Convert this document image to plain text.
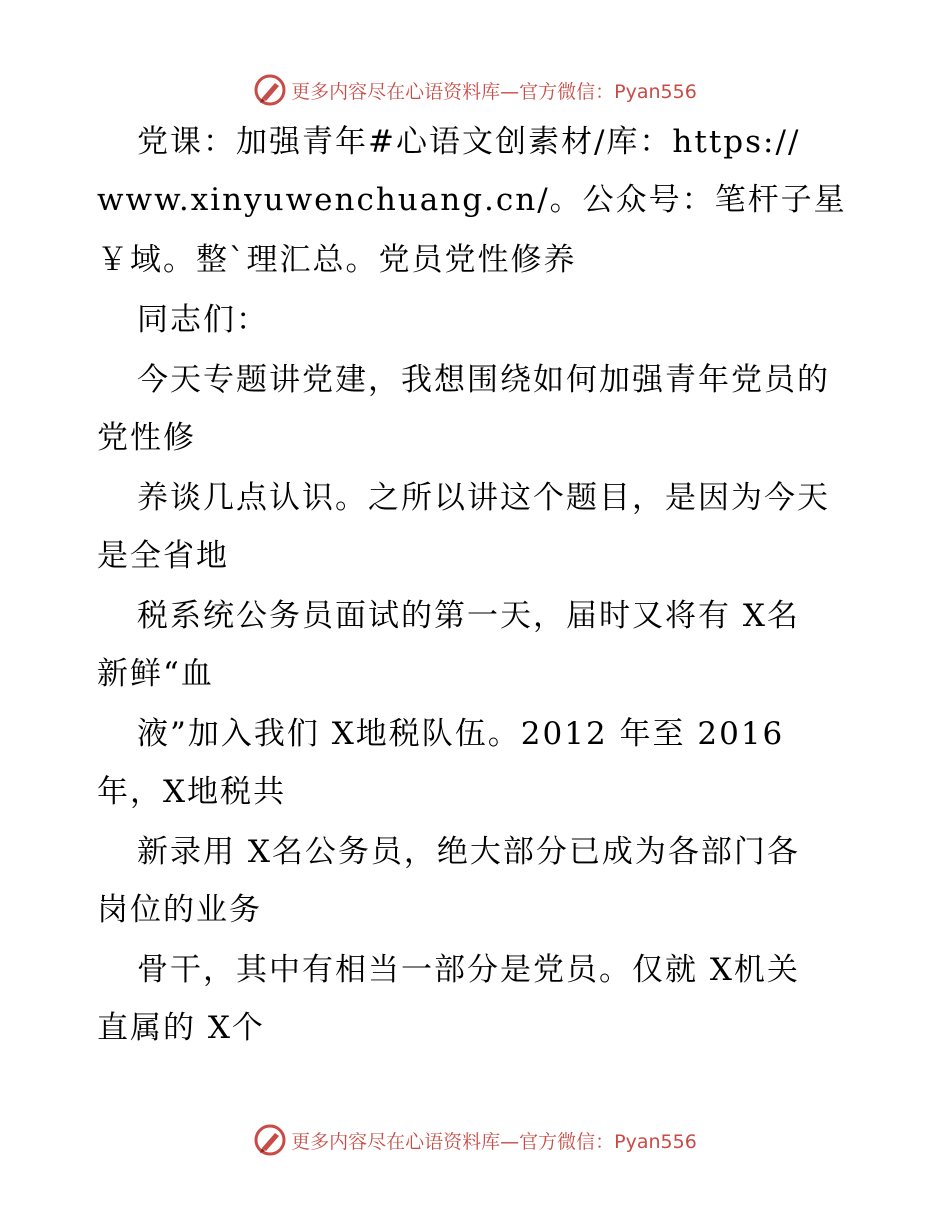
更多内容尽在心语资料库—官方微信：Pyan556
党课：加强青年#心语文创素材/库：https://
www.xinyuwenchuang.cn/。公众号：笔杆子星
￥域。整`理汇总。党员党性修养
同志们：
今天专题讲党建，我想围绕如何加强青年党员的
党性修
养谈几点认识。之所以讲这个题目，是因为今天
是全省地
税系统公务员面试的第一天，届时又将有 X名
新鲜“血
液”加入我们 X地税队伍。2012 年至 2016
年，X地税共
新录用 X名公务员，绝大部分已成为各部门各
岗位的业务
骨干，其中有相当一部分是党员。仅就 X机关
直属的 X个
更多内容尽在心语资料库—官方微信：Pyan556
